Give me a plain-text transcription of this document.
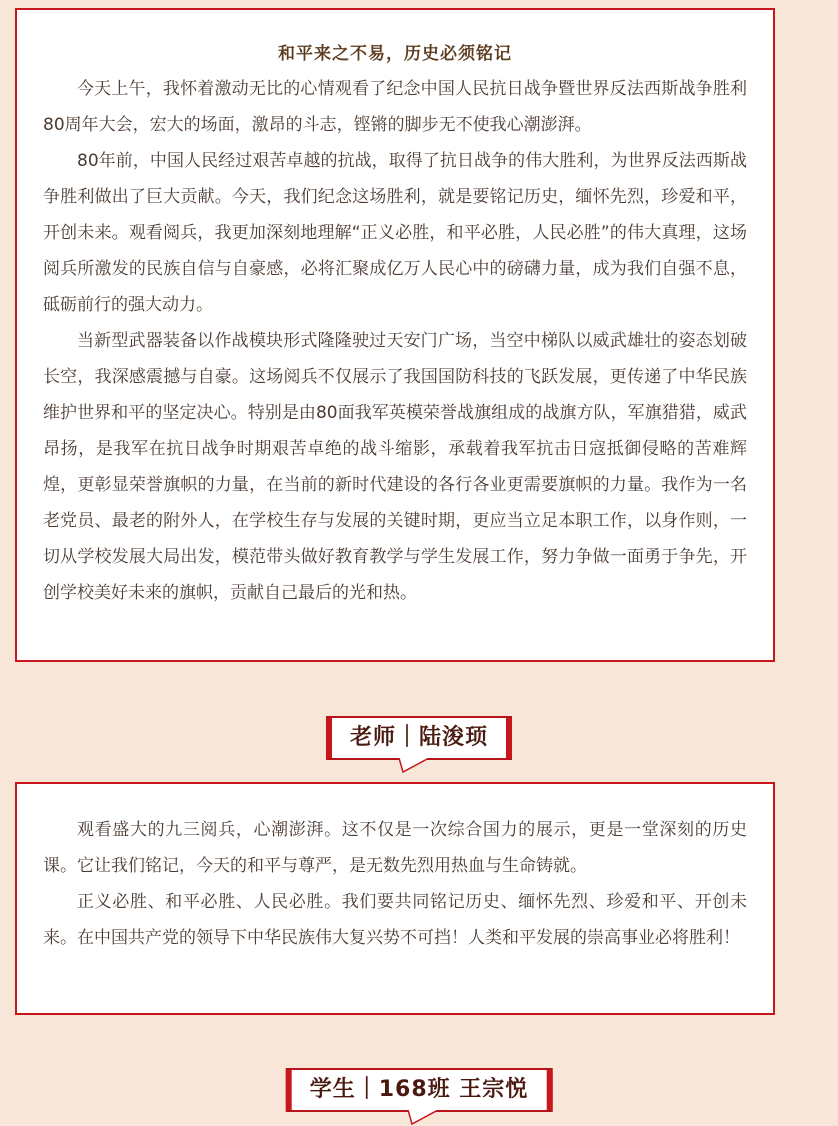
和平来之不易，历史必须铭记

今天上午，我怀着激动无比的心情观看了纪念中国人民抗日战争暨世界反法西斯战争胜利80周年大会，宏大的场面，激昂的斗志，铿锵的脚步无不使我心潮澎湃。

80年前，中国人民经过艰苦卓越的抗战，取得了抗日战争的伟大胜利，为世界反法西斯战争胜利做出了巨大贡献。今天，我们纪念这场胜利，就是要铭记历史，缅怀先烈，珍爱和平，开创未来。观看阅兵，我更加深刻地理解“正义必胜，和平必胜，人民必胜”的伟大真理，这场阅兵所激发的民族自信与自豪感，必将汇聚成亿万人民心中的磅礴力量，成为我们自强不息，砥砺前行的强大动力。

当新型武器装备以作战模块形式隆隆驶过天安门广场，当空中梯队以威武雄壮的姿态划破长空，我深感震撼与自豪。这场阅兵不仅展示了我国国防科技的飞跃发展，更传递了中华民族维护世界和平的坚定决心。特别是由80面我军英模荣誉战旗组成的战旗方队，军旗猎猎，威武昂扬，是我军在抗日战争时期艰苦卓绝的战斗缩影，承载着我军抗击日寇抵御侵略的苦难辉煌，更彰显荣誉旗帜的力量，在当前的新时代建设的各行各业更需要旗帜的力量。我作为一名老党员、最老的附外人，在学校生存与发展的关键时期，更应当立足本职工作，以身作则，一切从学校发展大局出发，模范带头做好教育教学与学生发展工作，努力争做一面勇于争先，开创学校美好未来的旗帜，贡献自己最后的光和热。

老师｜陆浚顼

观看盛大的九三阅兵，心潮澎湃。这不仅是一次综合国力的展示，更是一堂深刻的历史课。它让我们铭记，今天的和平与尊严，是无数先烈用热血与生命铸就。

正义必胜、和平必胜、人民必胜。我们要共同铭记历史、缅怀先烈、珍爱和平、开创未来。在中国共产党的领导下中华民族伟大复兴势不可挡！人类和平发展的崇高事业必将胜利！

学生｜168班 王宗悦
